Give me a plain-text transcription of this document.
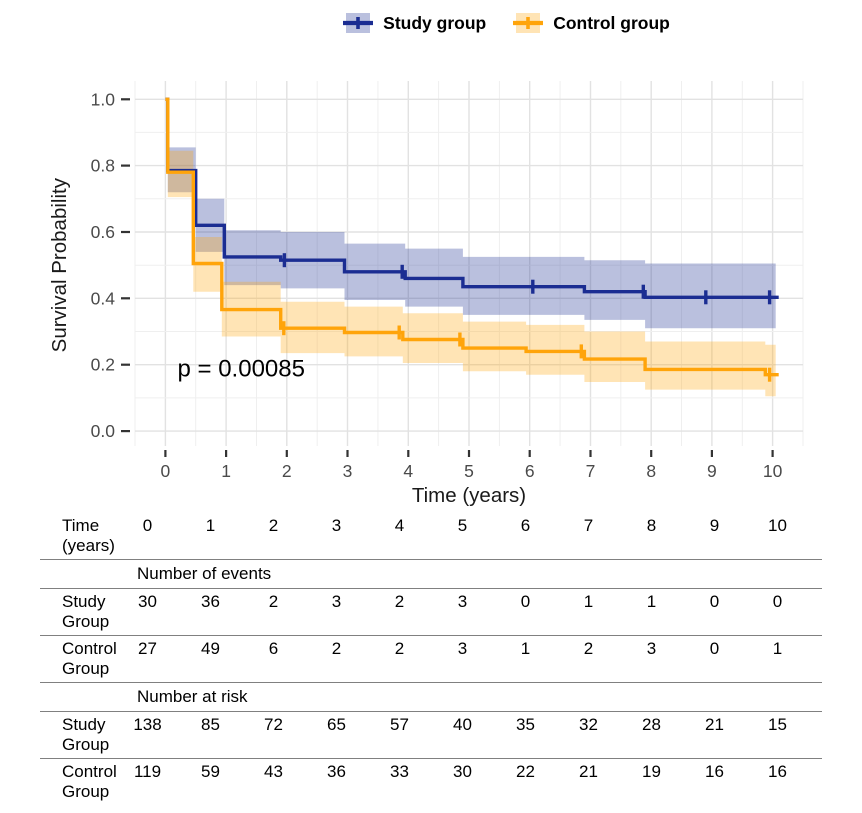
Study group	Control group
0	1	2	3	4	5	6	7	8	9	10
Time (years)
0.0
0.2
0.4
0.6
0.8
1.0
Survival Probability
p = 0.00085
Time (years)
0	1	2	3	4	5	6	7	8	9	10
Number of events
Study Group
30	36	2	3	2	3	0	1	1	0	0
Control Group
27	49	6	2	2	3	1	2	3	0	1
Number at risk
Study Group
138	85	72	65	57	40	35	32	28	21	15
Control Group
119	59	43	36	33	30	22	21	19	16	16
